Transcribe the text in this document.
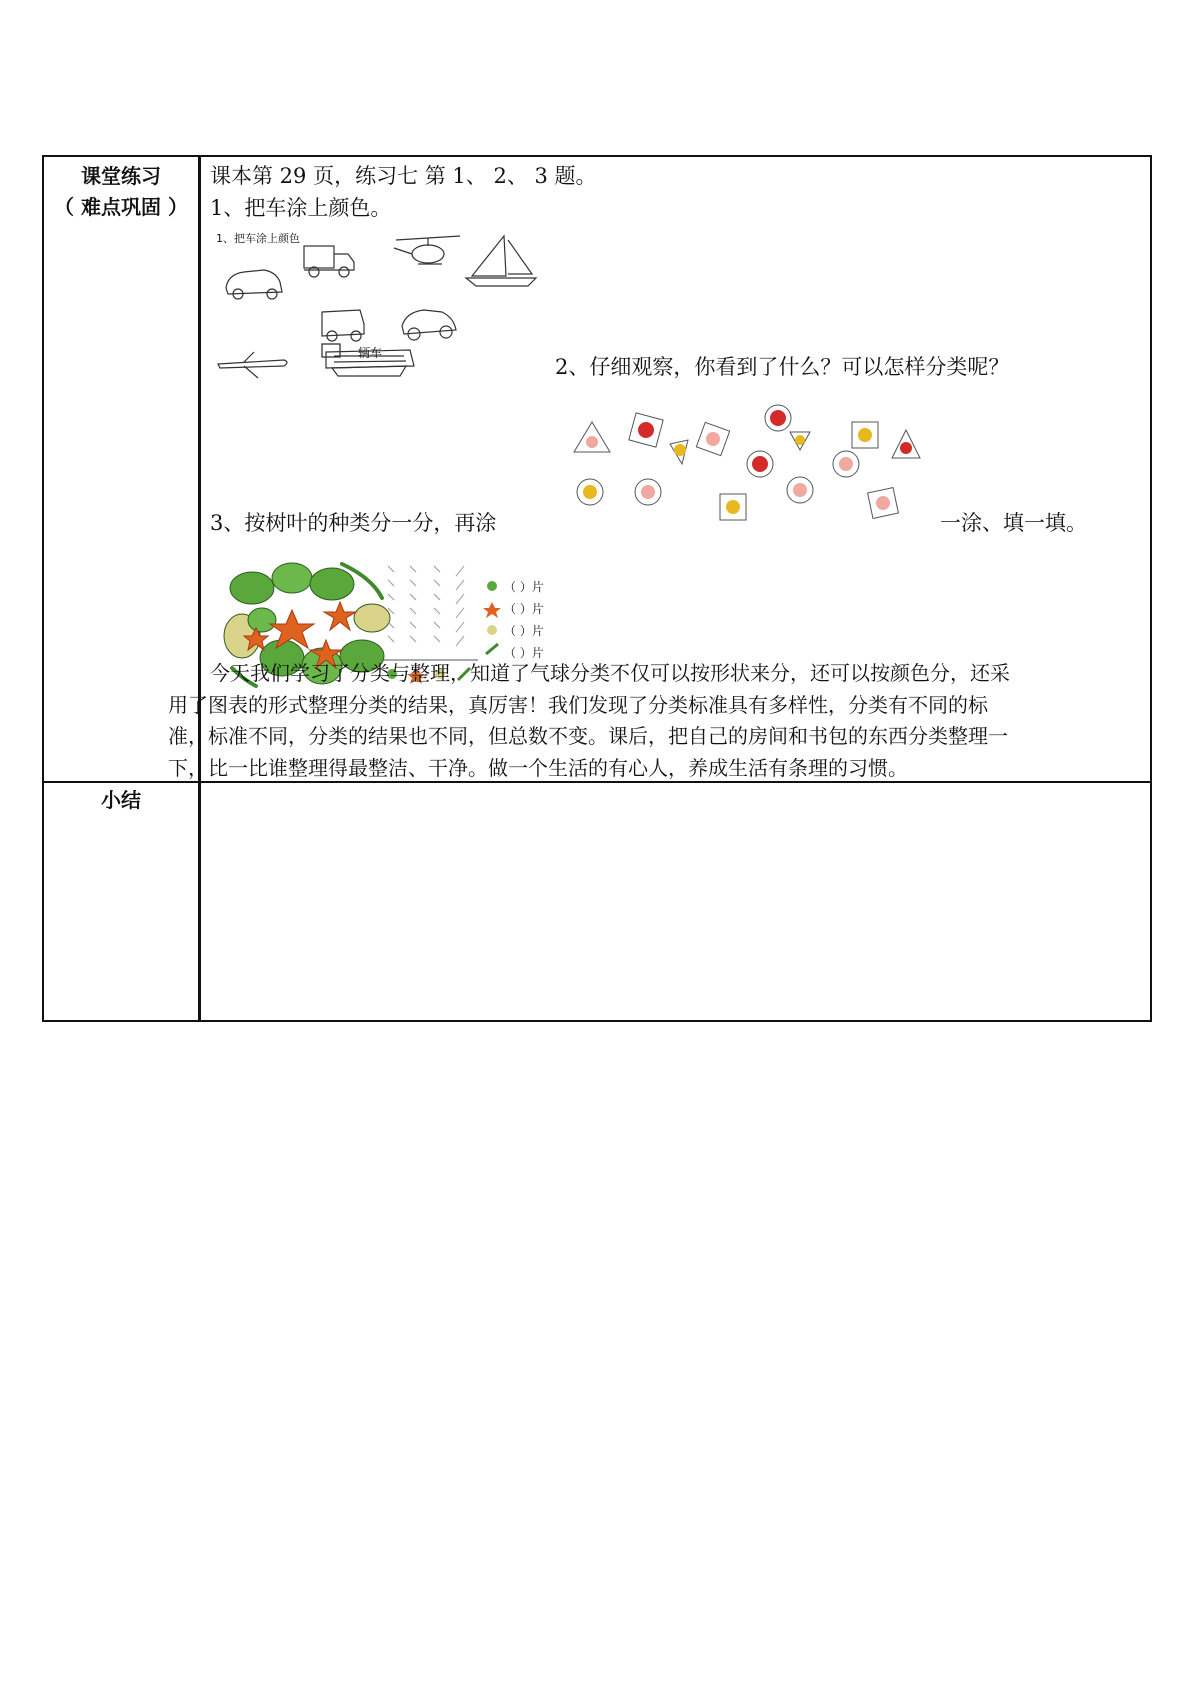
课堂练习
（ 难点巩固 ）
小结
课本第 29 页，练习七 第 1、 2、 3 题。
1、把车涂上颜色。
1、把车涂上颜色
辆车
2、仔细观察，你看到了什么？可以怎样分类呢？
3、按树叶的种类分一分，再涂	一涂、填一填。
（ ）片
（ ）片
（ ）片
（ ）片
今天我们学习了分类与整理，知道了气球分类不仅可以按形状来分，还可以按颜色分，还采
用了图表的形式整理分类的结果，真厉害！我们发现了分类标准具有多样性，分类有不同的标
准，标准不同，分类的结果也不同，但总数不变。课后，把自己的房间和书包的东西分类整理一
下，比一比谁整理得最整洁、干净。做一个生活的有心人，养成生活有条理的习惯。
